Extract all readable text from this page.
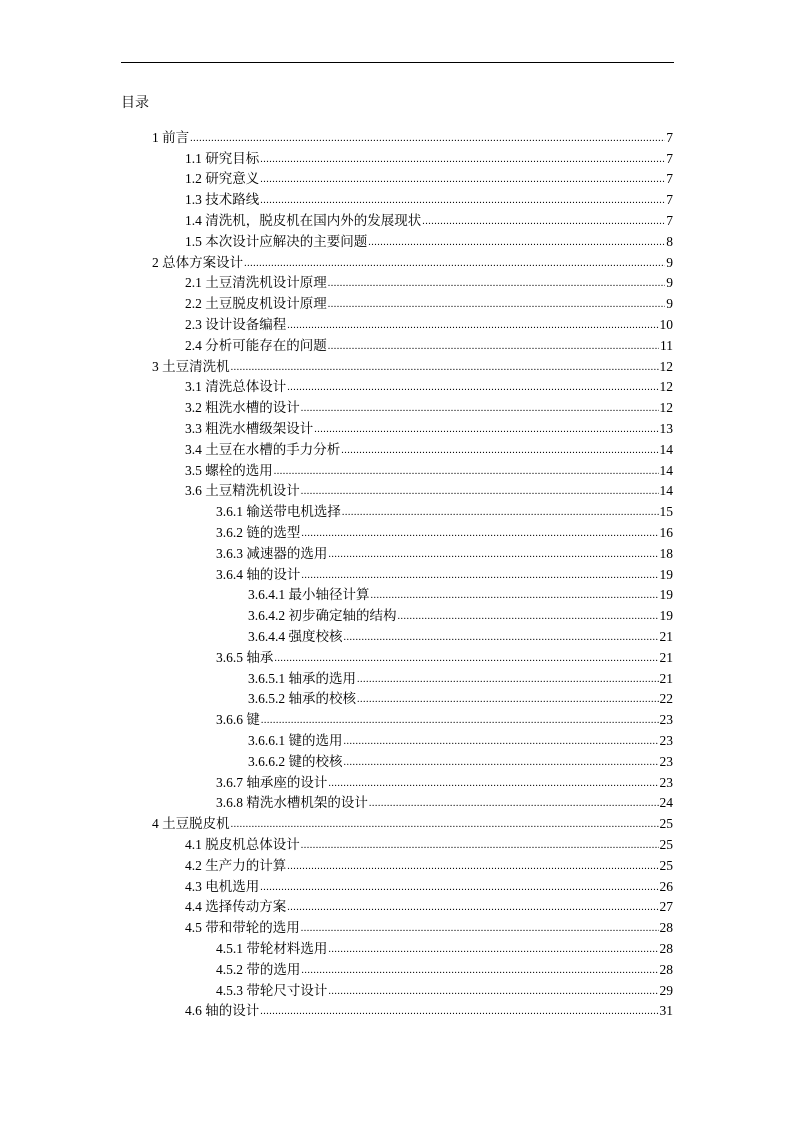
目录
1 前言 .....	7
1.1 研究目标 .....	7
1.2 研究意义 .....	7
1.3 技术路线 .....	7
1.4 清洗机，脱皮机在国内外的发展现状 .....	7
1.5 本次设计应解决的主要问题 .....	8
2 总体方案设计 .....	9
2.1 土豆清洗机设计原理 .....	9
2.2 土豆脱皮机设计原理 .....	9
2.3 设计设备编程 .....	10
2.4 分析可能存在的问题 .....	11
3 土豆清洗机 .....	12
3.1 清洗总体设计 .....	12
3.2 粗洗水槽的设计 .....	12
3.3 粗洗水槽级架设计 .....	13
3.4 土豆在水槽的手力分析 .....	14
3.5 螺栓的选用 .....	14
3.6 土豆精洗机设计 .....	14
3.6.1 输送带电机选择 .....	15
3.6.2 链的选型 .....	16
3.6.3 减速器的选用 .....	18
3.6.4 轴的设计 .....	19
3.6.4.1 最小轴径计算 .....	19
3.6.4.2 初步确定轴的结构 .....	19
3.6.4.4 强度校核 .....	21
3.6.5 轴承 .....	21
3.6.5.1 轴承的选用 .....	21
3.6.5.2 轴承的校核 .....	22
3.6.6 键 .....	23
3.6.6.1 键的选用 .....	23
3.6.6.2 键的校核 .....	23
3.6.7 轴承座的设计 .....	23
3.6.8 精洗水槽机架的设计 .....	24
4 土豆脱皮机 .....	25
4.1 脱皮机总体设计 .....	25
4.2 生产力的计算 .....	25
4.3 电机选用 .....	26
4.4 选择传动方案 .....	27
4.5 带和带轮的选用 .....	28
4.5.1 带轮材料选用 .....	28
4.5.2 带的选用 .....	28
4.5.3 带轮尺寸设计 .....	29
4.6 轴的设计 .....	31
